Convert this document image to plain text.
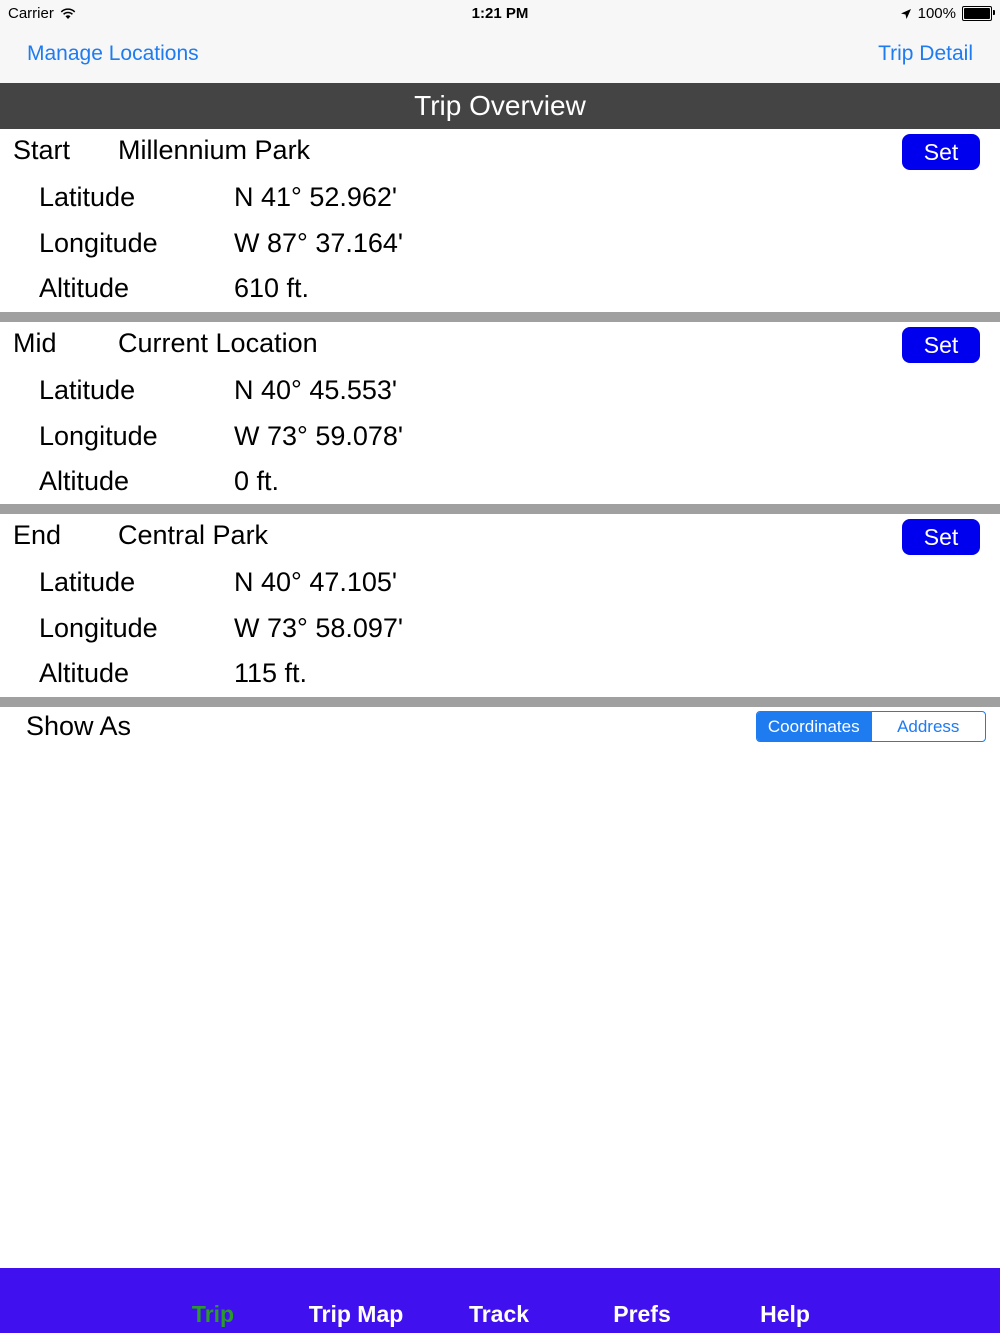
Carrier	1:21 PM	100%
Manage Locations	Trip Detail
Trip Overview
Start Millennium Park	Set
Latitude	N 41° 52.962'
Longitude	W 87° 37.164'
Altitude	610 ft.
Mid Current Location	Set
Latitude	N 40° 45.553'
Longitude	W 73° 59.078'
Altitude	0 ft.
End Central Park	Set
Latitude	N 40° 47.105'
Longitude	W 73° 58.097'
Altitude	115 ft.
Show As	Coordinates	Address
Trip	Trip Map	Track	Prefs	Help
